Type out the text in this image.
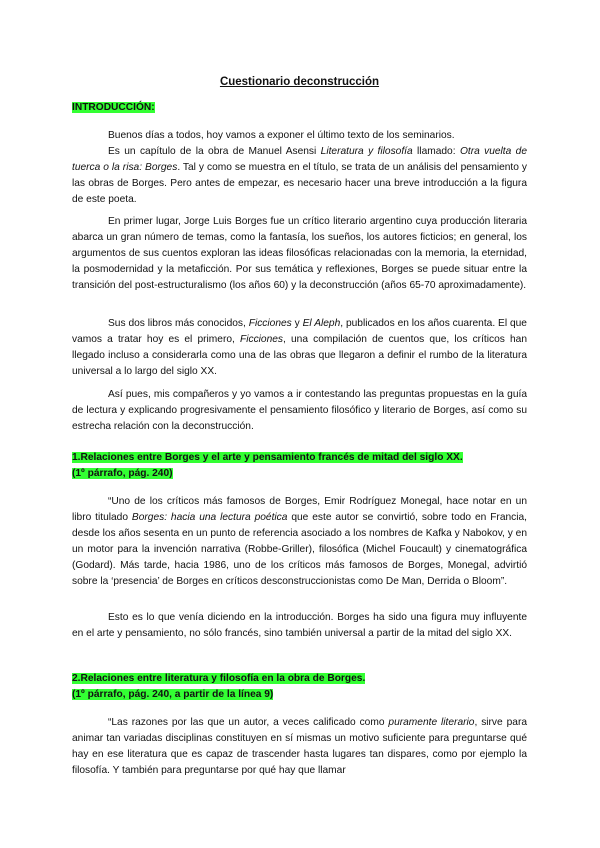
Cuestionario deconstrucción

INTRODUCCIÓN:

Buenos días a todos, hoy vamos a exponer el último texto de los seminarios.

Es un capítulo de la obra de Manuel Asensi Literatura y filosofía llamado: Otra vuelta de tuerca o la risa: Borges. Tal y como se muestra en el título, se trata de un análisis del pensamiento y las obras de Borges. Pero antes de empezar, es necesario hacer una breve introducción a la figura de este poeta.

En primer lugar, Jorge Luis Borges fue un crítico literario argentino cuya producción literaria abarca un gran número de temas, como la fantasía, los sueños, los autores ficticios; en general, los argumentos de sus cuentos exploran las ideas filosóficas relacionadas con la memoria, la eternidad, la posmodernidad y la metaficción. Por sus temática y reflexiones, Borges se puede situar entre la transición del post-estructuralismo (los años 60) y la deconstrucción (años 65-70 aproximadamente).

Sus dos libros más conocidos, Ficciones y El Aleph, publicados en los años cuarenta. El que vamos a tratar hoy es el primero, Ficciones, una compilación de cuentos que, los críticos han llegado incluso a considerarla como una de las obras que llegaron a definir el rumbo de la literatura universal a lo largo del siglo XX.

Así pues, mis compañeros y yo vamos a ir contestando las preguntas propuestas en la guía de lectura y explicando progresivamente el pensamiento filosófico y literario de Borges, así como su estrecha relación con la deconstrucción.

1.Relaciones entre Borges y el arte y pensamiento francés de mitad del siglo XX.

(1º párrafo, pág. 240)

“Uno de los críticos más famosos de Borges, Emir Rodríguez Monegal, hace notar en un libro titulado Borges: hacia una lectura poética que este autor se convirtió, sobre todo en Francia, desde los años sesenta en un punto de referencia asociado a los nombres de Kafka y Nabokov, y en un motor para la invención narrativa (Robbe-Griller), filosófica (Michel Foucault) y cinematográfica (Godard). Más tarde, hacia 1986, uno de los críticos más famosos de Borges, Monegal, advirtió sobre la ‘presencia’ de Borges en críticos desconstruccionistas como De Man, Derrida o Bloom”.

Esto es lo que venía diciendo en la introducción. Borges ha sido una figura muy influyente en el arte y pensamiento, no sólo francés, sino también universal a partir de la mitad del siglo XX.

2.Relaciones entre literatura y filosofía en la obra de Borges.

(1º párrafo, pág. 240, a partir de la línea 9)

“Las razones por las que un autor, a veces calificado como puramente literario, sirve para animar tan variadas disciplinas constituyen en sí mismas un motivo suficiente para preguntarse qué hay en ese literatura que es capaz de trascender hasta lugares tan dispares, como por ejemplo la filosofía. Y también para preguntarse por qué hay que llamar
